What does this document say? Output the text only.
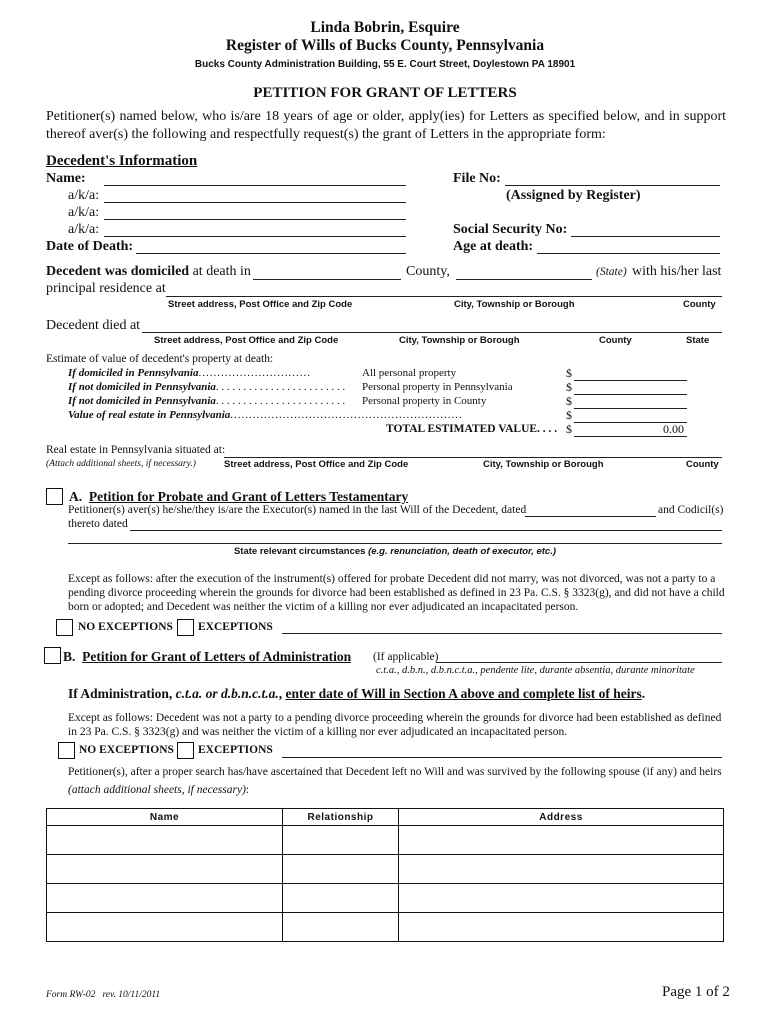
Linda Bobrin, Esquire
Register of Wills of Bucks County, Pennsylvania
Bucks County Administration Building, 55 E. Court Street, Doylestown PA 18901
PETITION FOR GRANT OF LETTERS
Petitioner(s) named below, who is/are 18 years of age or older, apply(ies) for Letters as specified below, and in support thereof aver(s) the following and respectfully request(s) the grant of Letters in the appropriate form:
Decedent's Information
Name:
a/k/a:
a/k/a:
a/k/a:
Date of Death:
File No:
(Assigned by Register)
Social Security No:
Age at death:
Decedent was domiciled at death in	County,	(State) with his/her last
principal residence at
Street address, Post Office and Zip Code	City, Township or Borough	County
Decedent died at
Street address, Post Office and Zip Code	City, Township or Borough	County	State
Estimate of value of decedent's property at death:
If domiciled in Pennsylvania..............................	All personal property	$
If not domiciled in Pennsylvania. . . . . . . . . . . . . . . . . . . . . . . . Personal property in Pennsylvania	$
If not domiciled in Pennsylvania. . . . . . . . . . . . . . . . . . . . . . . . Personal property in County	$
Value of real estate in Pennsylvania..............................................................	$
TOTAL ESTIMATED VALUE. . . . $	0.00
Real estate in Pennsylvania situated at:
(Attach additional sheets, if necessary.)	Street address, Post Office and Zip Code	City, Township or Borough	County
A. Petition for Probate and Grant of Letters Testamentary
Petitioner(s) aver(s) he/she/they is/are the Executor(s) named in the last Will of the Decedent, dated	and Codicil(s)
thereto dated
State relevant circumstances (e.g. renunciation, death of executor, etc.)
Except as follows: after the execution of the instrument(s) offered for probate Decedent did not marry, was not divorced, was not a party to a pending divorce proceeding wherein the grounds for divorce had been established as defined in 23 Pa. C.S. § 3323(g), and did not have a child born or adopted; and Decedent was neither the victim of a killing nor ever adjudicated an incapacitated person.
NO EXCEPTIONS EXCEPTIONS
B. Petition for Grant of Letters of Administration (If applicable)
c.t.a., d.b.n., d.b.n.c.t.a., pendente lite, durante absentia, durante minoritate
If Administration, c.t.a. or d.b.n.c.t.a., enter date of Will in Section A above and complete list of heirs.
Except as follows: Decedent was not a party to a pending divorce proceeding wherein the grounds for divorce had been established as defined in 23 Pa. C.S. § 3323(g) and was neither the victim of a killing nor ever adjudicated an incapacitated person.
NO EXCEPTIONS EXCEPTIONS
Petitioner(s), after a proper search has/have ascertained that Decedent left no Will and was survived by the following spouse (if any) and heirs (attach additional sheets, if necessary):
Name	Relationship	Address

Form RW-02   rev. 10/11/2011	Page 1 of 2
